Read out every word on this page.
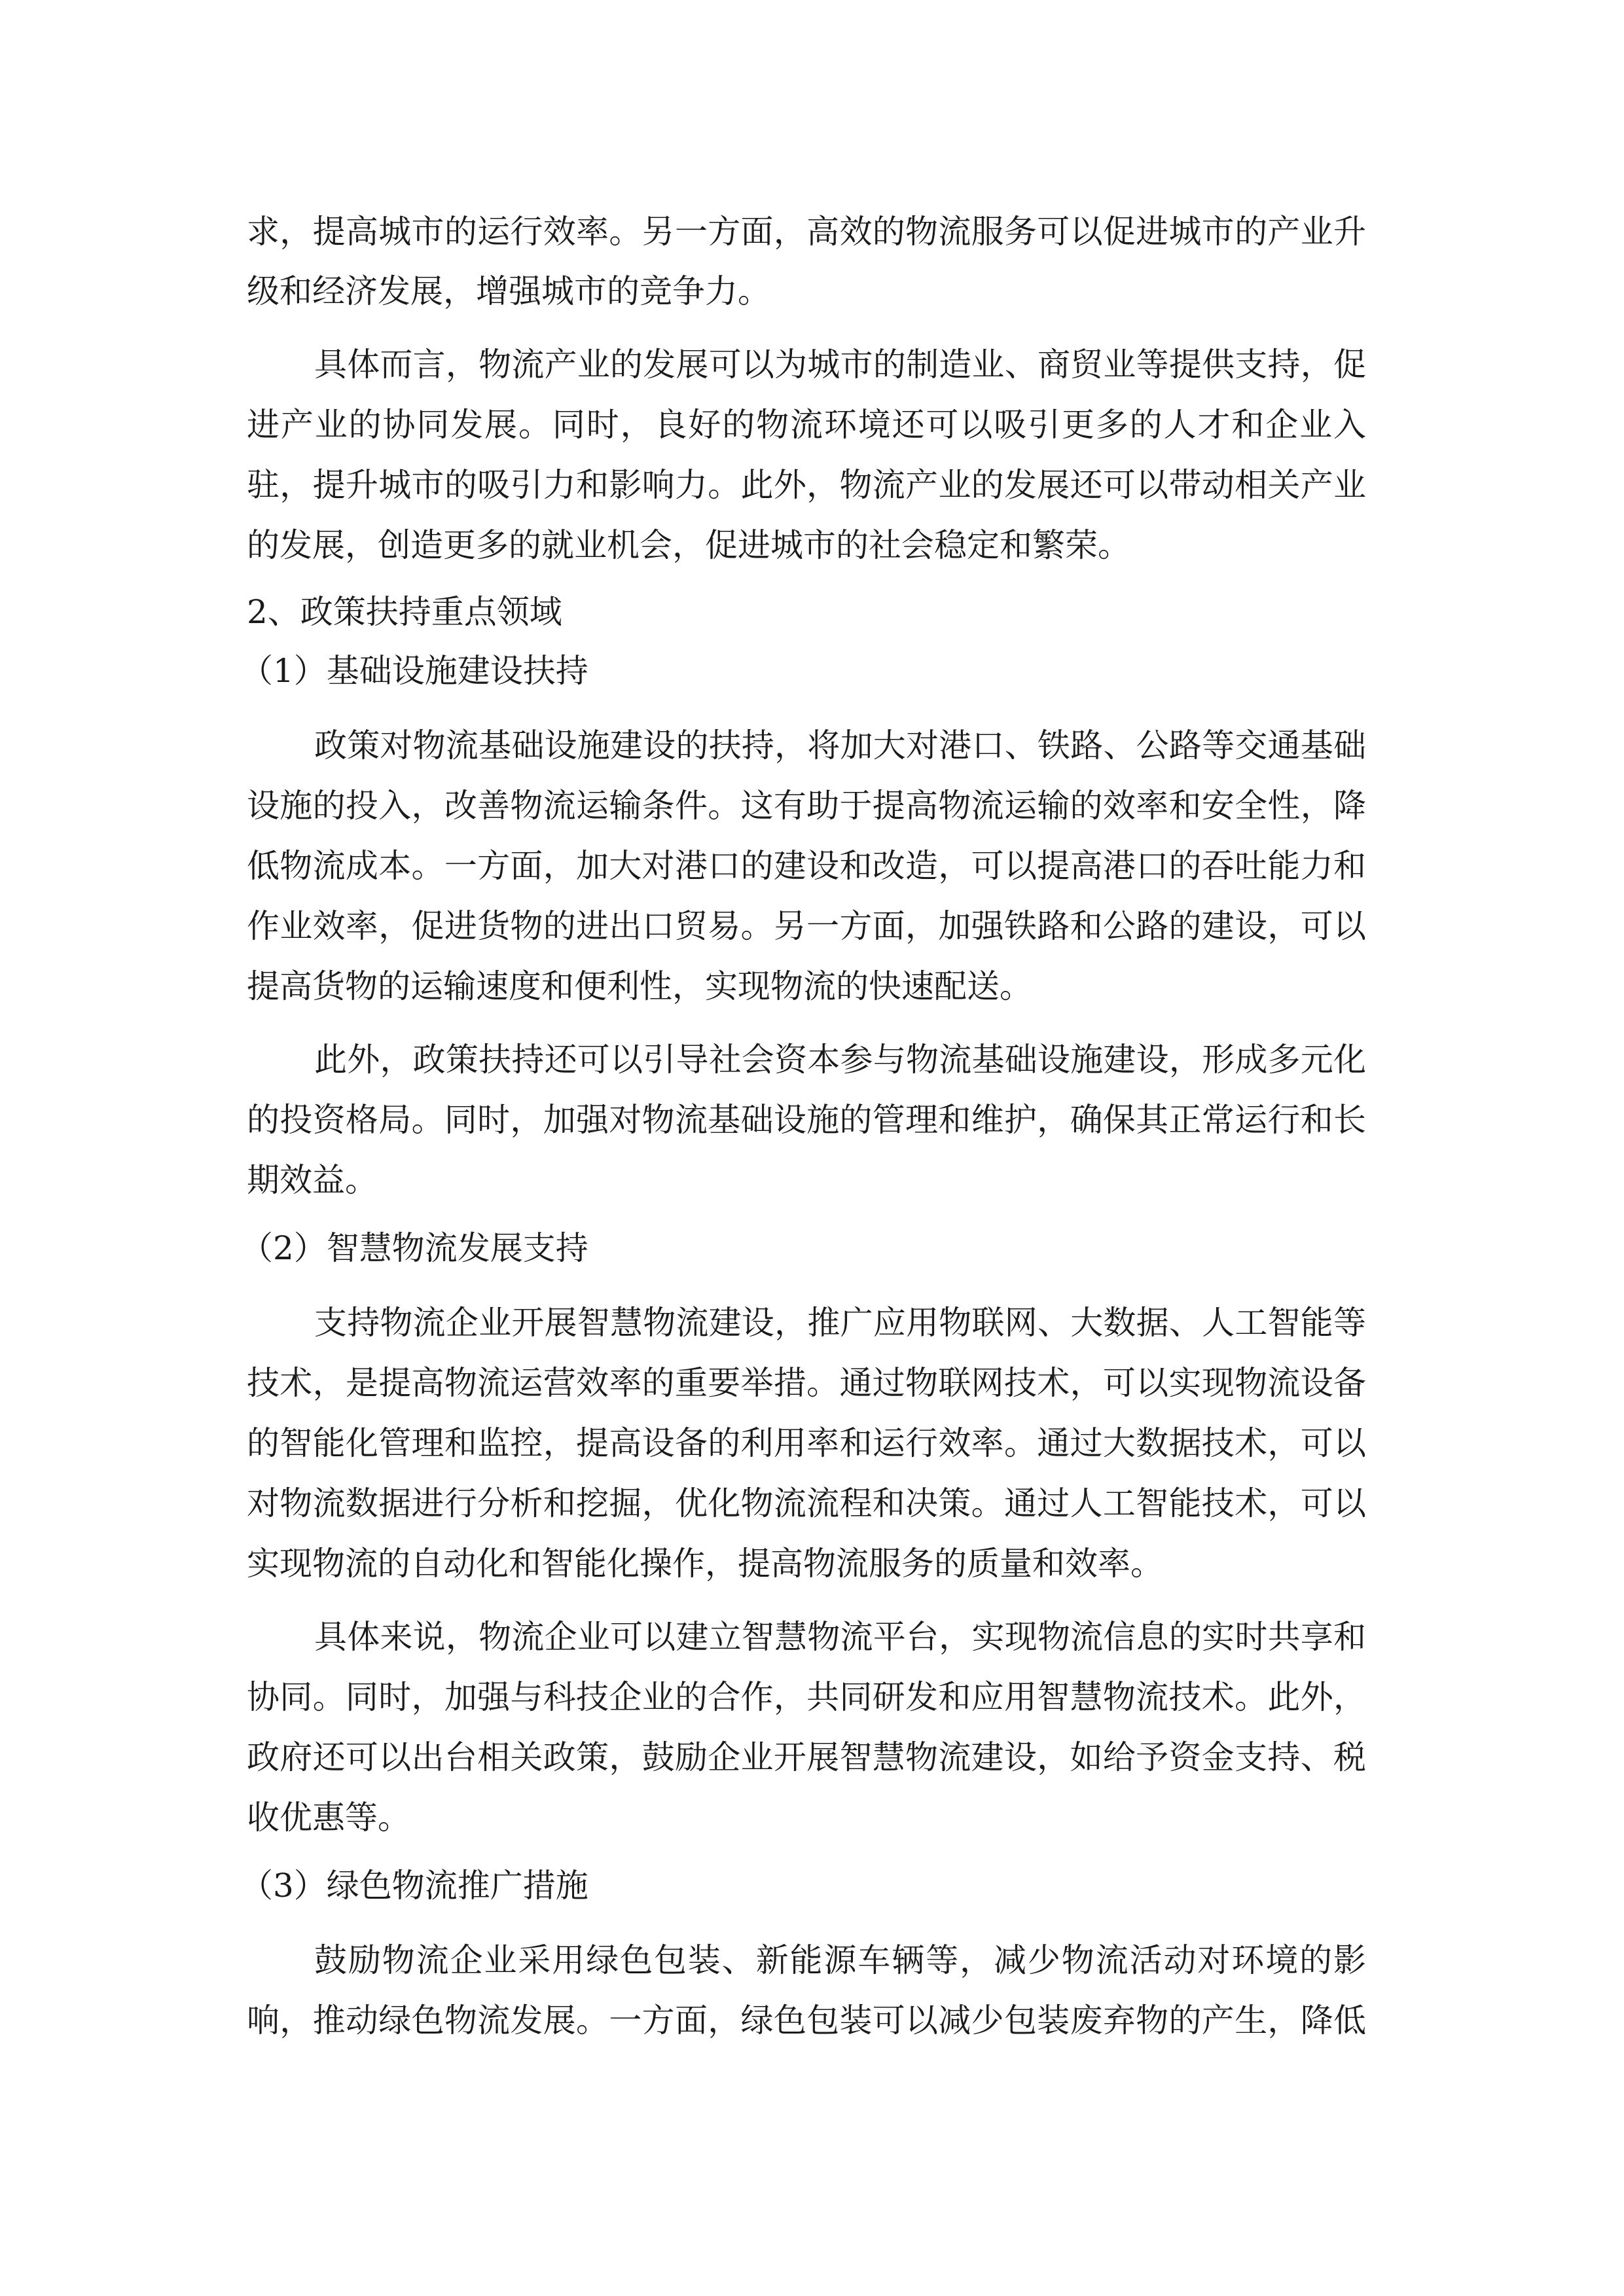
求，提高城市的运行效率。另一方面，高效的物流服务可以促进城市的产业升
级和经济发展，增强城市的竞争力。
具体而言，物流产业的发展可以为城市的制造业、商贸业等提供支持，促
进产业的协同发展。同时，良好的物流环境还可以吸引更多的人才和企业入
驻，提升城市的吸引力和影响力。此外，物流产业的发展还可以带动相关产业
的发展，创造更多的就业机会，促进城市的社会稳定和繁荣。
2、政策扶持重点领域
（1）基础设施建设扶持
政策对物流基础设施建设的扶持，将加大对港口、铁路、公路等交通基础
设施的投入，改善物流运输条件。这有助于提高物流运输的效率和安全性，降
低物流成本。一方面，加大对港口的建设和改造，可以提高港口的吞吐能力和
作业效率，促进货物的进出口贸易。另一方面，加强铁路和公路的建设，可以
提高货物的运输速度和便利性，实现物流的快速配送。
此外，政策扶持还可以引导社会资本参与物流基础设施建设，形成多元化
的投资格局。同时，加强对物流基础设施的管理和维护，确保其正常运行和长
期效益。
（2）智慧物流发展支持
支持物流企业开展智慧物流建设，推广应用物联网、大数据、人工智能等
技术，是提高物流运营效率的重要举措。通过物联网技术，可以实现物流设备
的智能化管理和监控，提高设备的利用率和运行效率。通过大数据技术，可以
对物流数据进行分析和挖掘，优化物流流程和决策。通过人工智能技术，可以
实现物流的自动化和智能化操作，提高物流服务的质量和效率。
具体来说，物流企业可以建立智慧物流平台，实现物流信息的实时共享和
协同。同时，加强与科技企业的合作，共同研发和应用智慧物流技术。此外，
政府还可以出台相关政策，鼓励企业开展智慧物流建设，如给予资金支持、税
收优惠等。
（3）绿色物流推广措施
鼓励物流企业采用绿色包装、新能源车辆等，减少物流活动对环境的影
响，推动绿色物流发展。一方面，绿色包装可以减少包装废弃物的产生，降低
